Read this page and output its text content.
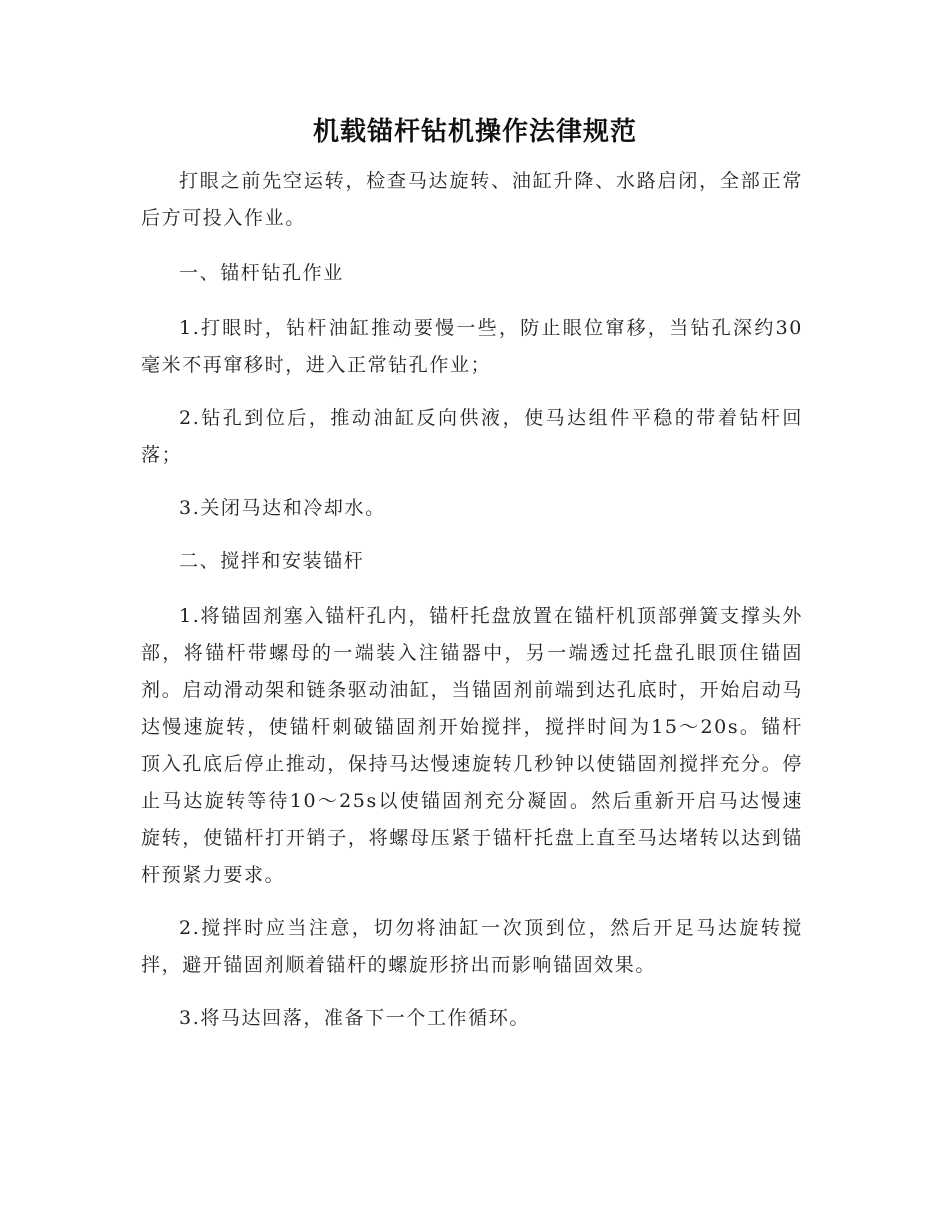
机载锚杆钻机操作法律规范

打眼之前先空运转，检查马达旋转、油缸升降、水路启闭，全部正常后方可投入作业。

一、锚杆钻孔作业

1.打眼时，钻杆油缸推动要慢一些，防止眼位窜移，当钻孔深约30毫米不再窜移时，进入正常钻孔作业；

2.钻孔到位后，推动油缸反向供液，使马达组件平稳的带着钻杆回落；

3.关闭马达和冷却水。

二、搅拌和安装锚杆

1.将锚固剂塞入锚杆孔内，锚杆托盘放置在锚杆机顶部弹簧支撑头外部，将锚杆带螺母的一端装入注锚器中，另一端透过托盘孔眼顶住锚固剂。启动滑动架和链条驱动油缸，当锚固剂前端到达孔底时，开始启动马达慢速旋转，使锚杆刺破锚固剂开始搅拌，搅拌时间为15～20s。锚杆顶入孔底后停止推动，保持马达慢速旋转几秒钟以使锚固剂搅拌充分。停止马达旋转等待10～25s以使锚固剂充分凝固。然后重新开启马达慢速旋转，使锚杆打开销子，将螺母压紧于锚杆托盘上直至马达堵转以达到锚杆预紧力要求。

2.搅拌时应当注意，切勿将油缸一次顶到位，然后开足马达旋转搅拌，避开锚固剂顺着锚杆的螺旋形挤出而影响锚固效果。

3.将马达回落，准备下一个工作循环。
